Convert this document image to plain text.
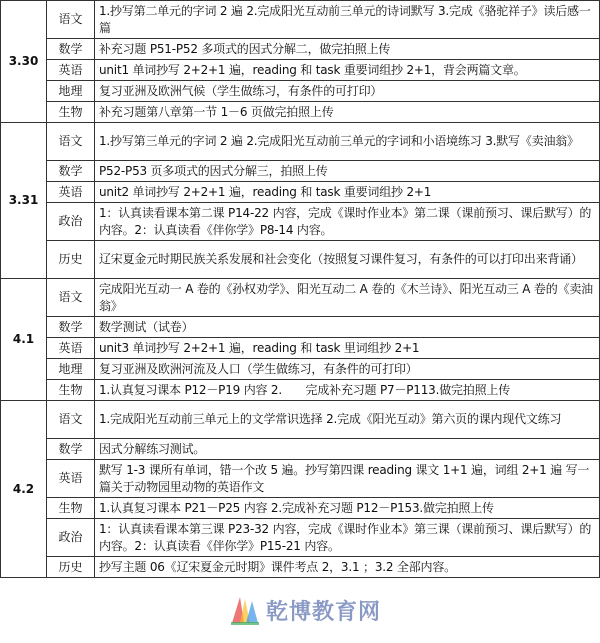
3.30	语文	1.抄写第二单元的字词 2 遍 2.完成阳光互动前三单元的诗词默写 3.完成《骆驼祥子》读后感一篇
	数学	补充习题 P51-P52 多项式的因式分解二，做完拍照上传
	英语	unit1 单词抄写 2+2+1 遍，reading 和 task 重要词组抄 2+1，背会两篇文章。
	地理	复习亚洲及欧洲气候（学生做练习，有条件的可打印）
	生物	补充习题第八章第一节 1－6 页做完拍照上传
3.31	语文	1.抄写第三单元的字词 2 遍 2.完成阳光互动前三单元的字词和小语境练习 3.默写《卖油翁》
	数学	P52-P53 页多项式的因式分解三，拍照上传
	英语	unit2 单词抄写 2+2+1 遍，reading 和 task 重要词组抄 2+1
	政治	1：认真读看课本第二课 P14-22 内容，完成《课时作业本》第二课（课前预习、课后默写）的内容。2：认真读看《伴你学》P8-14 内容。
	历史	辽宋夏金元时期民族关系发展和社会变化（按照复习课件复习，有条件的可以打印出来背诵）
4.1	语文	完成阳光互动一 A 卷的《孙权劝学》、阳光互动二 A 卷的《木兰诗》、阳光互动三 A 卷的《卖油翁》
	数学	数学测试（试卷）
	英语	unit3 单词抄写 2+2+1 遍，reading 和 task 里词组抄 2+1
	地理	复习亚洲及欧洲河流及人口（学生做练习，有条件的可打印）
	生物	1.认真复习课本 P12－P19 内容 2.　　完成补充习题 P7－P113.做完拍照上传
4.2	语文	1.完成阳光互动前三单元上的文学常识选择 2.完成《阳光互动》第六页的课内现代文练习
	数学	因式分解练习测试。
	英语	默写 1-3 课所有单词，错一个改 5 遍。抄写第四课 reading 课文 1+1 遍，词组 2+1 遍 写一篇关于动物园里动物的英语作文
	生物	1.认真复习课本 P21－P25 内容 2.完成补充习题 P12－P153.做完拍照上传
	政治	1：认真读看课本第三课 P23-32 内容，完成《课时作业本》第三课（课前预习、课后默写）的内容。2：认真读看《伴你学》P15-21 内容。
	历史	抄写主题 06《辽宋夏金元时期》课件考点 2，3.1 ；3.2 全部内容。
乾博教育网
